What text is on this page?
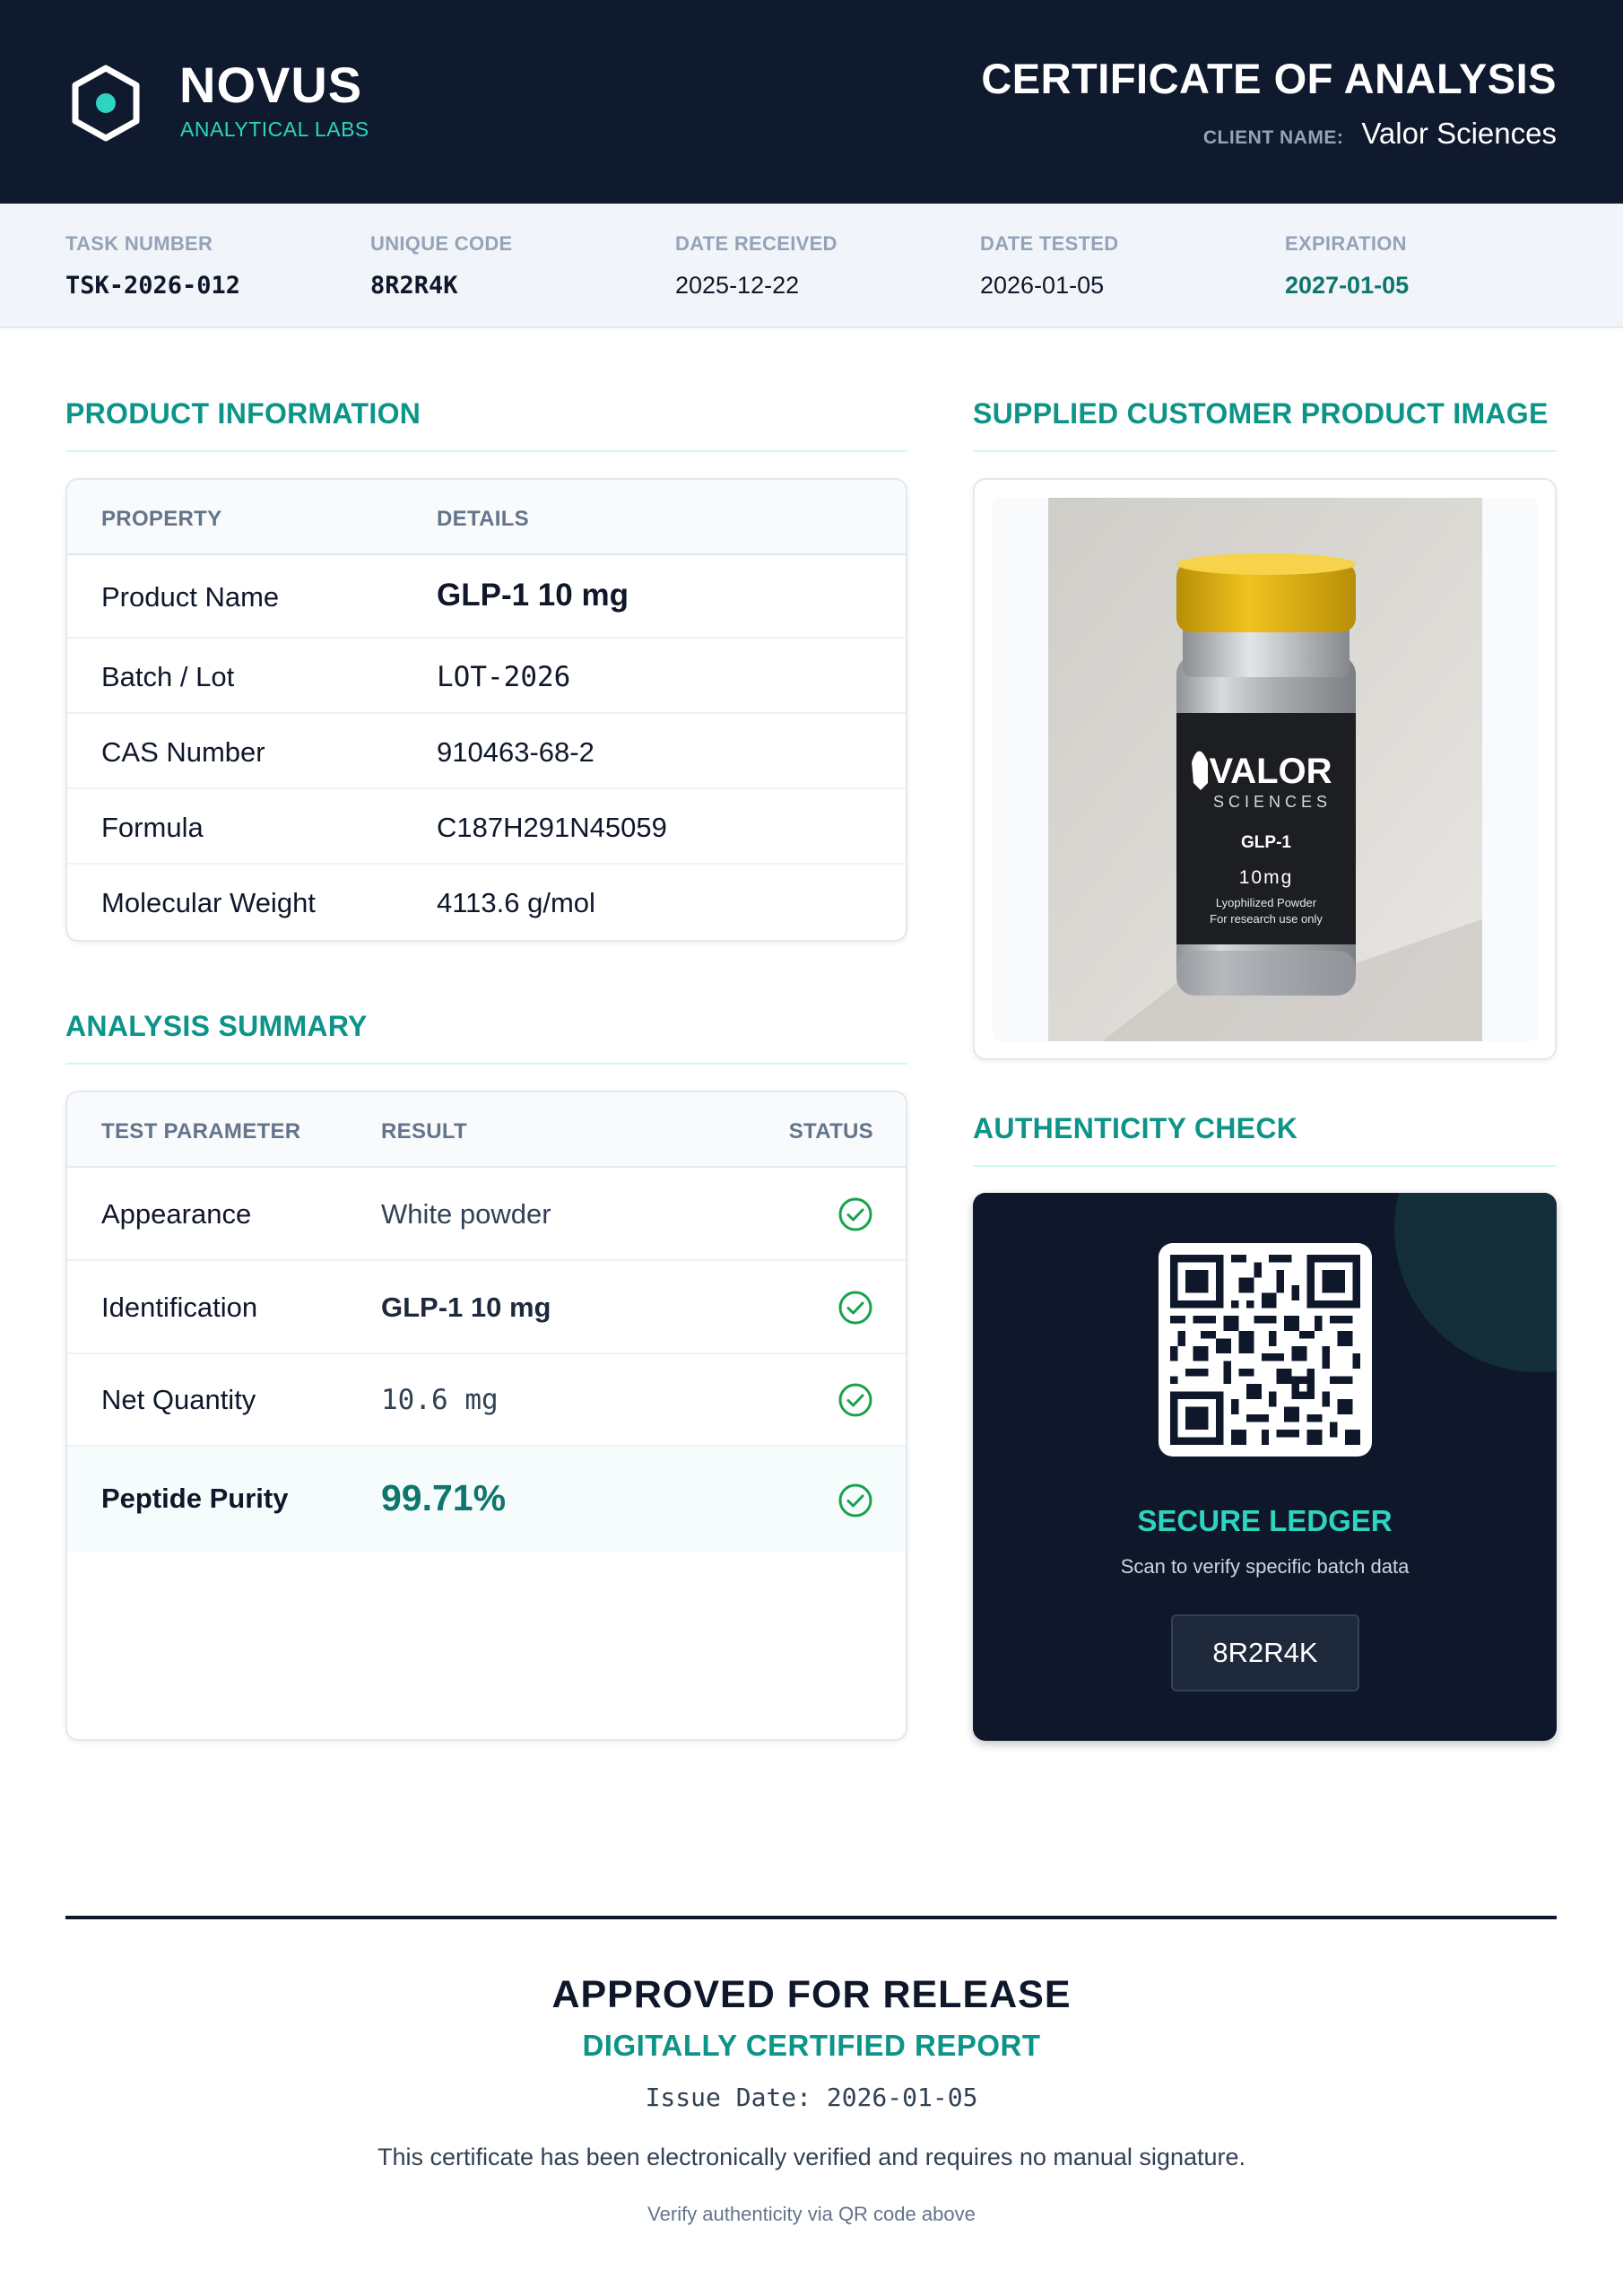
NOVUS
ANALYTICAL LABS
CERTIFICATE OF ANALYSIS
CLIENT NAME: Valor Sciences
TASK NUMBER
TSK-2026-012
UNIQUE CODE
8R2R4K
DATE RECEIVED
2025-12-22
DATE TESTED
2026-01-05
EXPIRATION
2027-01-05
PRODUCT INFORMATION
PROPERTY	DETAILS
Product Name	GLP-1 10 mg
Batch / Lot	LOT-2026
CAS Number	910463-68-2
Formula	C187H291N45059
Molecular Weight	4113.6 g/mol
ANALYSIS SUMMARY
TEST PARAMETER	RESULT	STATUS
Appearance	White powder
Identification	GLP-1 10 mg
Net Quantity	10.6 mg
Peptide Purity	99.71%
SUPPLIED CUSTOMER PRODUCT IMAGE
VALOR
SCIENCES
GLP-1
10mg
Lyophilized Powder
For research use only
AUTHENTICITY CHECK
SECURE LEDGER
Scan to verify specific batch data
8R2R4K
APPROVED FOR RELEASE
DIGITALLY CERTIFIED REPORT
Issue Date: 2026-01-05
This certificate has been electronically verified and requires no manual signature.
Verify authenticity via QR code above
